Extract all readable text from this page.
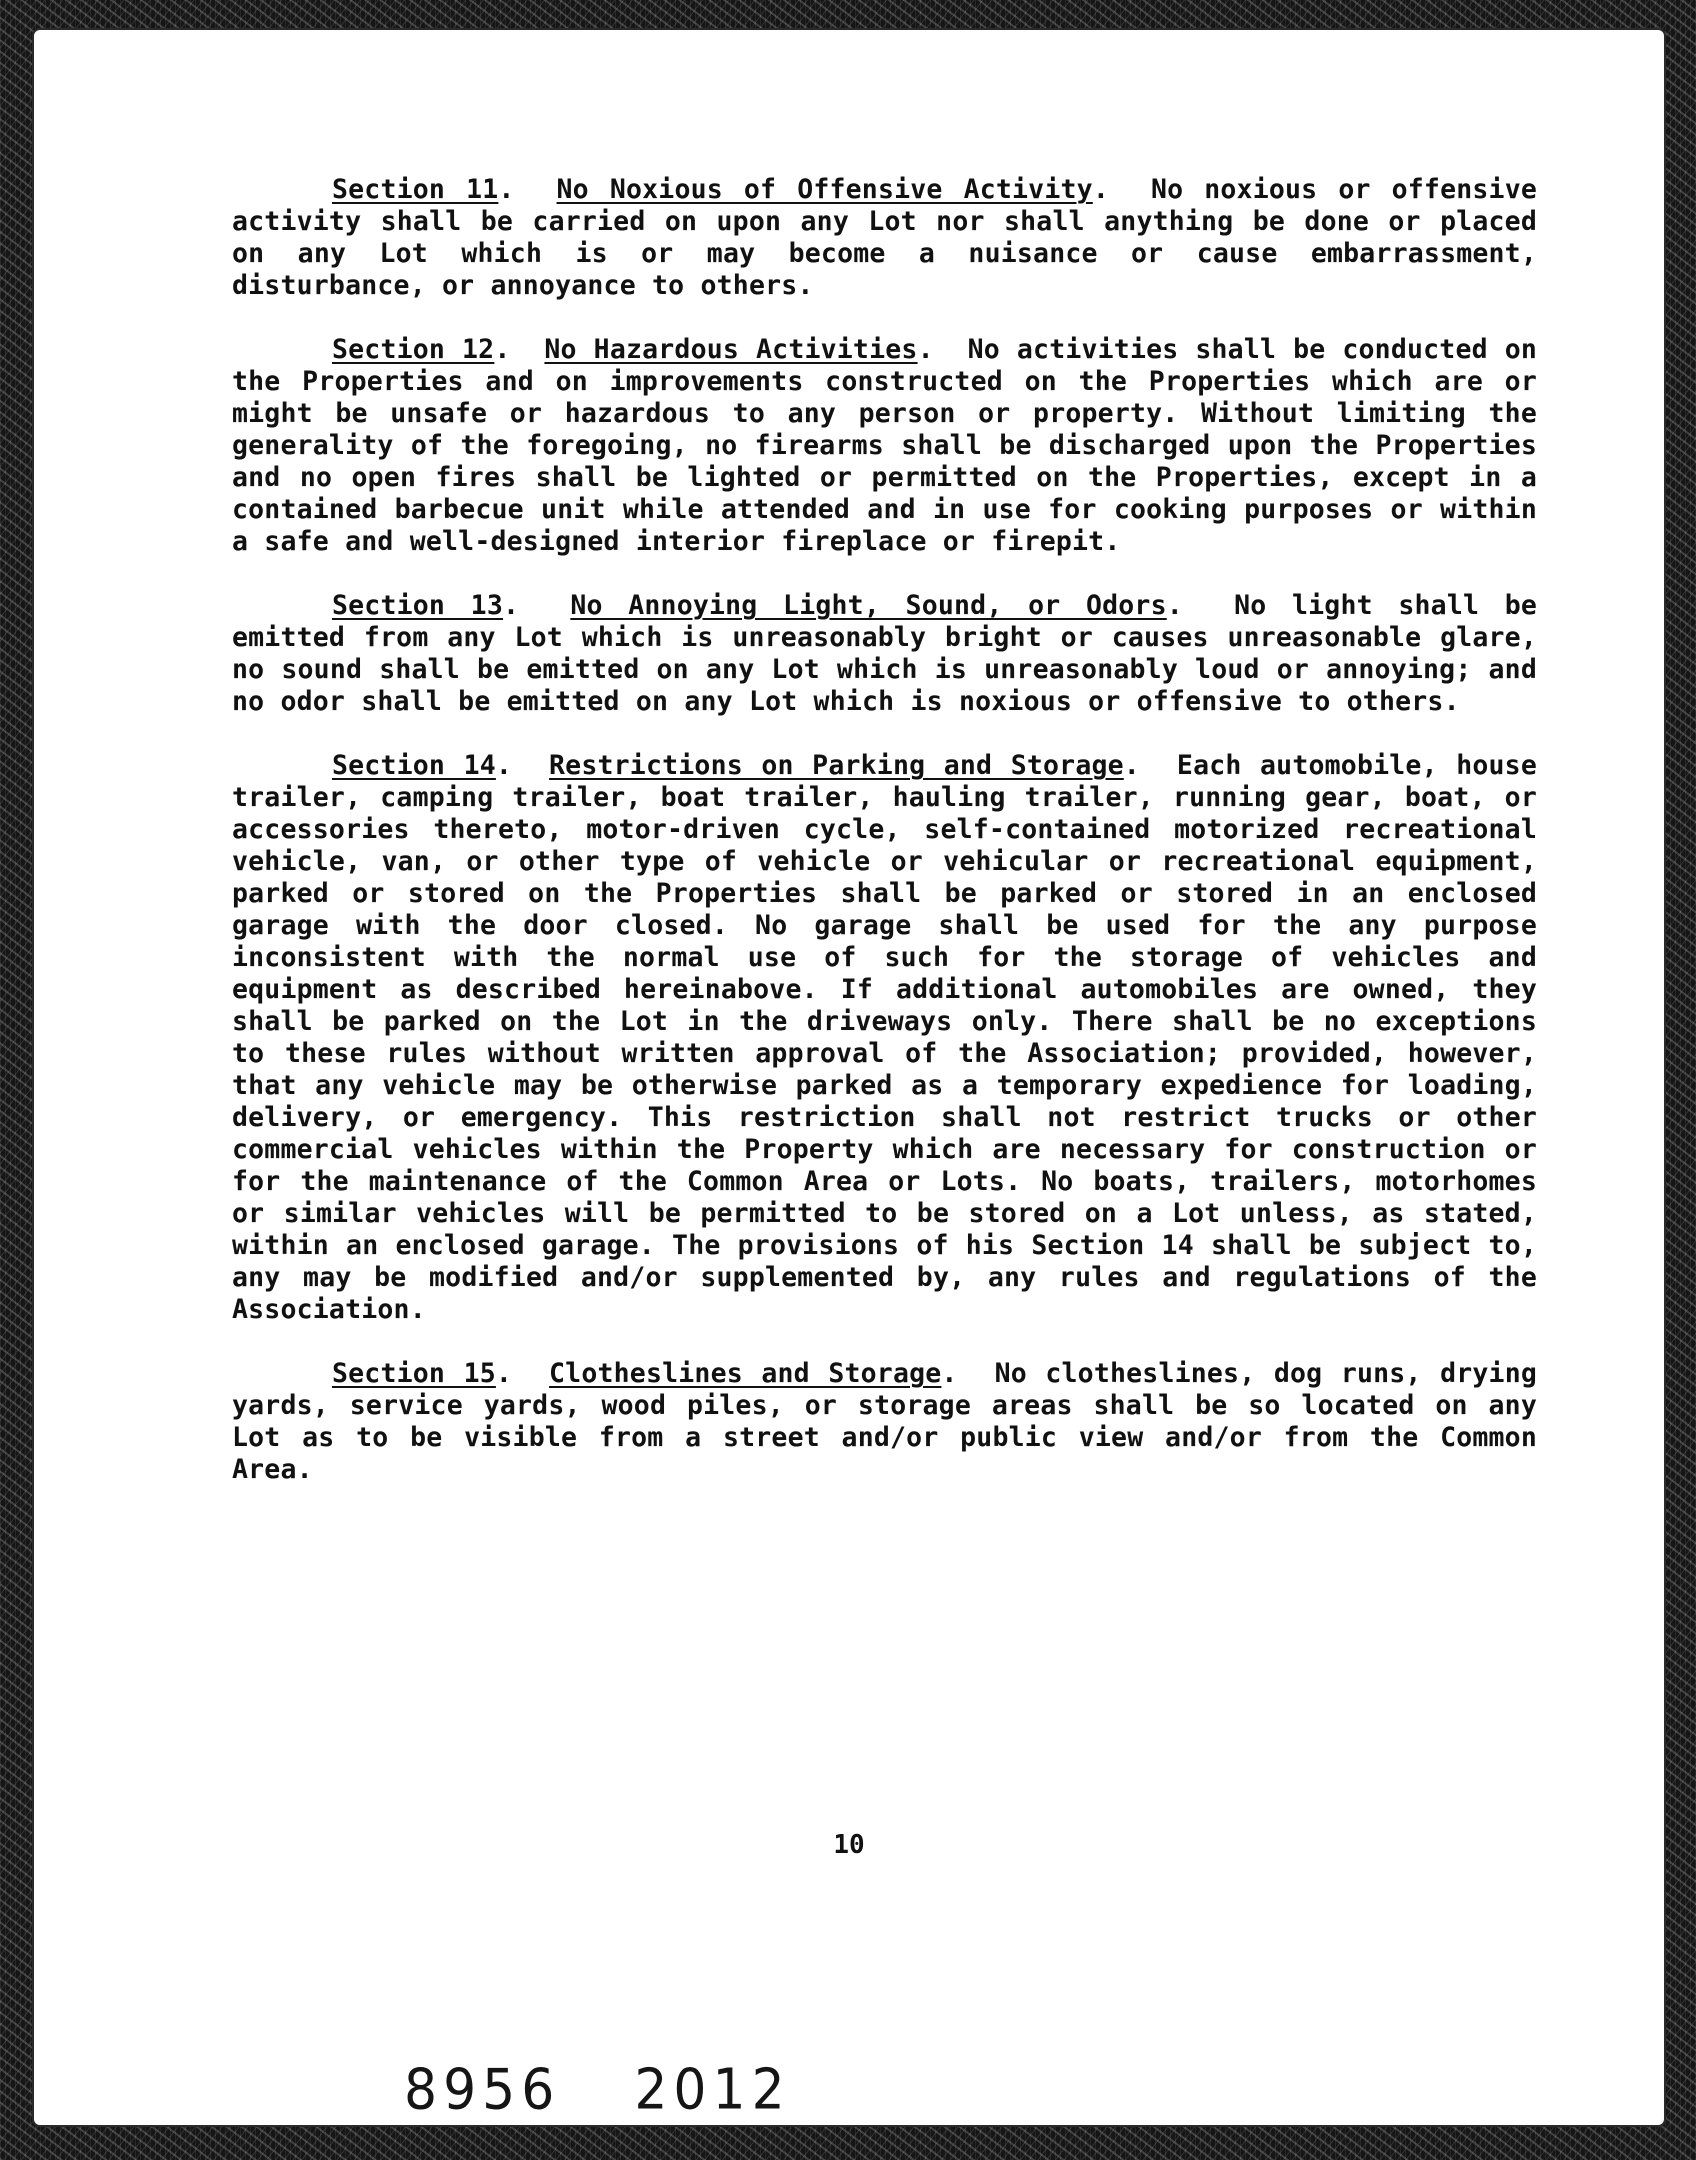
Section 11.  No Noxious of Offensive Activity.  No noxious or offensive activity shall be carried on upon any Lot nor shall anything be done or placed on any Lot which is or may become a nuisance or cause embarrassment, disturbance, or annoyance to others.

Section 12.  No Hazardous Activities.  No activities shall be conducted on the Properties and on improvements constructed on the Properties which are or might be unsafe or hazardous to any person or property. Without limiting the generality of the foregoing, no firearms shall be discharged upon the Properties and no open fires shall be lighted or permitted on the Properties, except in a contained barbecue unit while attended and in use for cooking purposes or within a safe and well-designed interior fireplace or firepit.

Section 13.  No Annoying Light, Sound, or Odors.  No light shall be emitted from any Lot which is unreasonably bright or causes unreasonable glare, no sound shall be emitted on any Lot which is unreasonably loud or annoying; and no odor shall be emitted on any Lot which is noxious or offensive to others.

Section 14.  Restrictions on Parking and Storage.  Each automobile, house trailer, camping trailer, boat trailer, hauling trailer, running gear, boat, or accessories thereto, motor-driven cycle, self-contained motorized recreational vehicle, van, or other type of vehicle or vehicular or recreational equipment, parked or stored on the Properties shall be parked or stored in an enclosed garage with the door closed. No garage shall be used for the any purpose inconsistent with the normal use of such for the storage of vehicles and equipment as described hereinabove. If additional automobiles are owned, they shall be parked on the Lot in the driveways only. There shall be no exceptions to these rules without written approval of the Association; provided, however, that any vehicle may be otherwise parked as a temporary expedience for loading, delivery, or emergency. This restriction shall not restrict trucks or other commercial vehicles within the Property which are necessary for construction or for the maintenance of the Common Area or Lots. No boats, trailers, motorhomes or similar vehicles will be permitted to be stored on a Lot unless, as stated, within an enclosed garage. The provisions of his Section 14 shall be subject to, any may be modified and/or supplemented by, any rules and regulations of the Association.

Section 15.  Clotheslines and Storage.  No clotheslines, dog runs, drying yards, service yards, wood piles, or storage areas shall be so located on any Lot as to be visible from a street and/or public view and/or from the Common Area.

10
8956 2012
